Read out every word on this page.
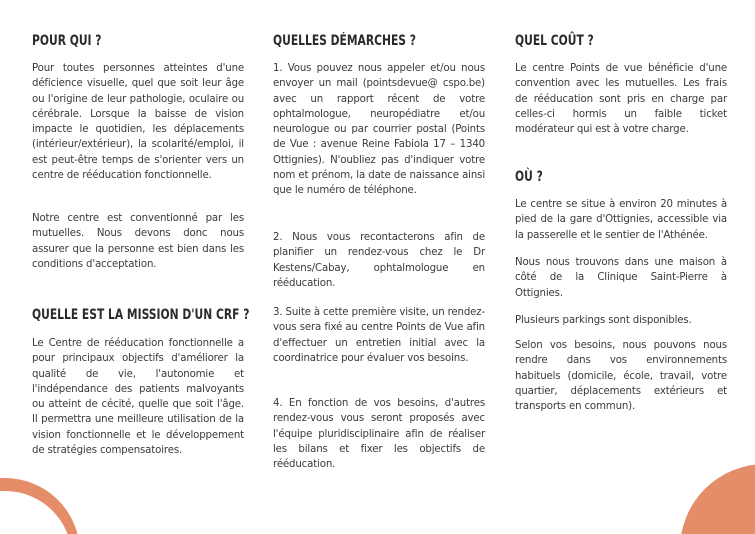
POUR QUI ?

Pour toutes personnes atteintes d'une déficience visuelle, quel que soit leur âge ou l'origine de leur pathologie, oculaire ou cérébrale. Lorsque la baisse de vision impacte le quotidien, les déplacements (intérieur/extérieur), la scolarité/emploi, il est peut-être temps de s'orienter vers un centre de rééducation fonctionnelle.

Notre centre est conventionné par les mutuelles. Nous devons donc nous assurer que la personne est bien dans les conditions d'acceptation.

QUELLE EST LA MISSION D'UN CRF ?

Le Centre de rééducation fonctionnelle a pour principaux objectifs d'améliorer la qualité de vie, l'autonomie et l'indépendance des patients malvoyants ou atteint de cécité, quelle que soit l'âge. Il permettra une meilleure utilisation de la vision fonctionnelle et le développement de stratégies compensatoires.

QUELLES DÉMARCHES ?

1. Vous pouvez nous appeler et/ou nous envoyer un mail (pointsdevue@ cspo.be) avec un rapport récent de votre ophtalmologue, neuropédiatre et/ou neurologue ou par courrier postal (Points de Vue : avenue Reine Fabiola 17 – 1340 Ottignies). N'oubliez pas d'indiquer votre nom et prénom, la date de naissance ainsi que le numéro de téléphone.

2. Nous vous recontacterons afin de planifier un rendez-vous chez le Dr Kestens/Cabay, ophtalmologue en rééducation.

3. Suite à cette première visite, un rendez-vous sera fixé au centre Points de Vue afin d'effectuer un entretien initial avec la coordinatrice pour évaluer vos besoins.

4. En fonction de vos besoins, d'autres rendez-vous vous seront proposés avec l'équipe pluridisciplinaire afin de réaliser les bilans et fixer les objectifs de rééducation.

QUEL COÛT ?

Le centre Points de vue bénéficie d'une convention avec les mutuelles. Les frais de rééducation sont pris en charge par celles-ci hormis un faible ticket modérateur qui est à votre charge.

OÙ ?

Le centre se situe à environ 20 minutes à pied de la gare d'Ottignies, accessible via la passerelle et le sentier de l'Athénée.

Nous nous trouvons dans une maison à côté de la Clinique Saint-Pierre à Ottignies.

Plusieurs parkings sont disponibles.

Selon vos besoins, nous pouvons nous rendre dans vos environnements habituels (domicile, école, travail, votre quartier, déplacements extérieurs et transports en commun).
